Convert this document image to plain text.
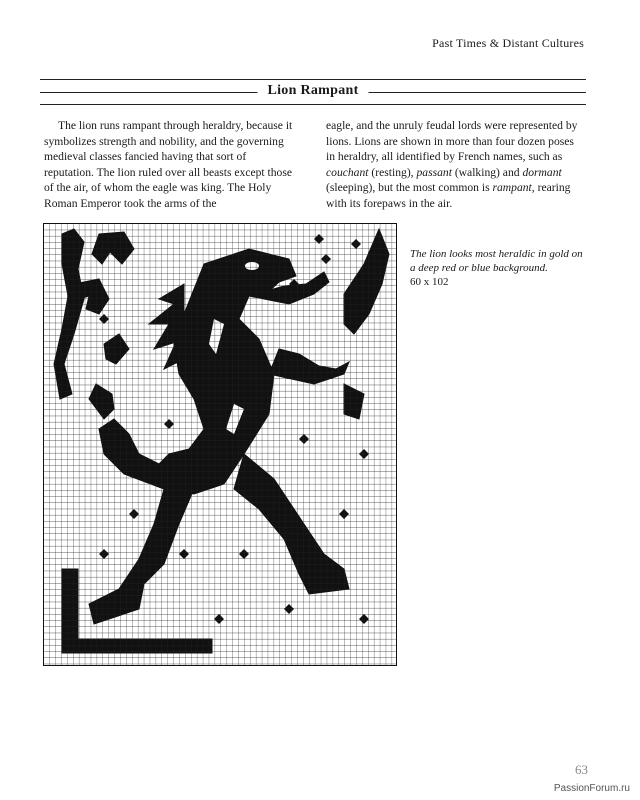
Past Times & Distant Cultures
Lion Rampant

The lion runs rampant through heraldry, because it symbolizes strength and nobility, and the governing medieval classes fancied having that sort of reputation. The lion ruled over all beasts except those of the air, of whom the eagle was king. The Holy Roman Emperor took the arms of the

eagle, and the unruly feudal lords were represented by lions. Lions are shown in more than four dozen poses in heraldry, all identified by French names, such as couchant (resting), passant (walking) and dormant (sleeping), but the most common is rampant, rearing with its forepaws in the air.

The lion looks most heraldic in gold on a deep red or blue background.
60 x 102
63
PassionForum.ru
